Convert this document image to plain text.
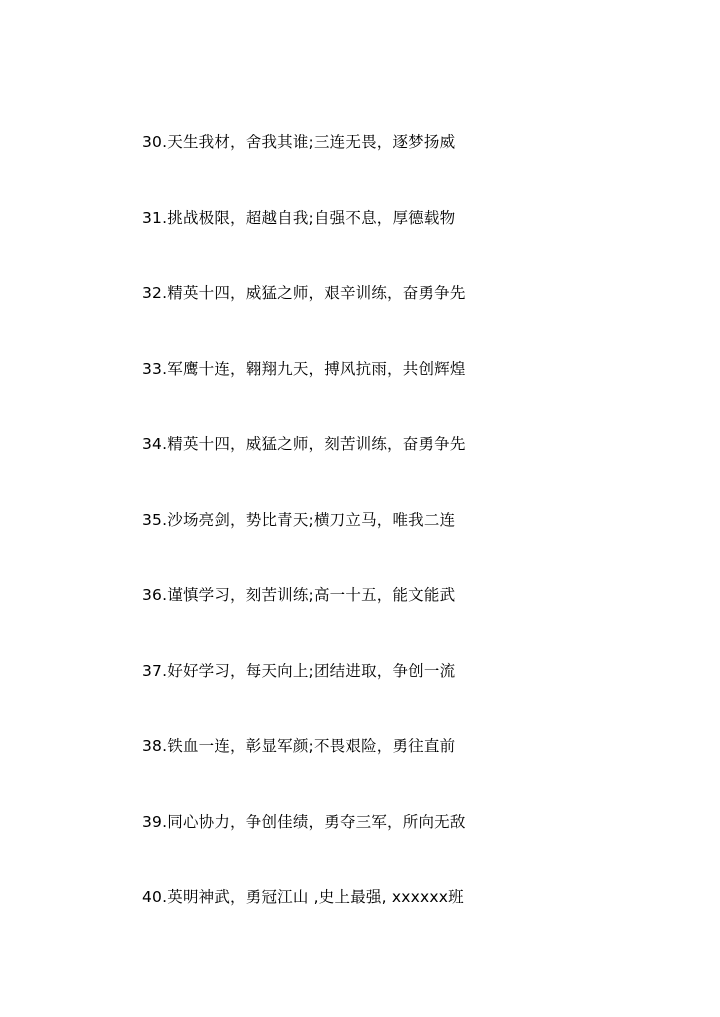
30.天生我材，舍我其谁;三连无畏，逐梦扬威
31.挑战极限，超越自我;自强不息，厚德载物
32.精英十四，威猛之师，艰辛训练，奋勇争先
33.军鹰十连，翱翔九天，搏风抗雨，共创辉煌
34.精英十四，威猛之师，刻苦训练，奋勇争先
35.沙场亮剑，势比青天;横刀立马，唯我二连
36.谨慎学习，刻苦训练;高一十五，能文能武
37.好好学习，每天向上;团结进取，争创一流
38.铁血一连，彰显军颜;不畏艰险，勇往直前
39.同心协力，争创佳绩，勇夺三军，所向无敌
40.英明神武，勇冠江山 ,史上最强, xxxxxx班
